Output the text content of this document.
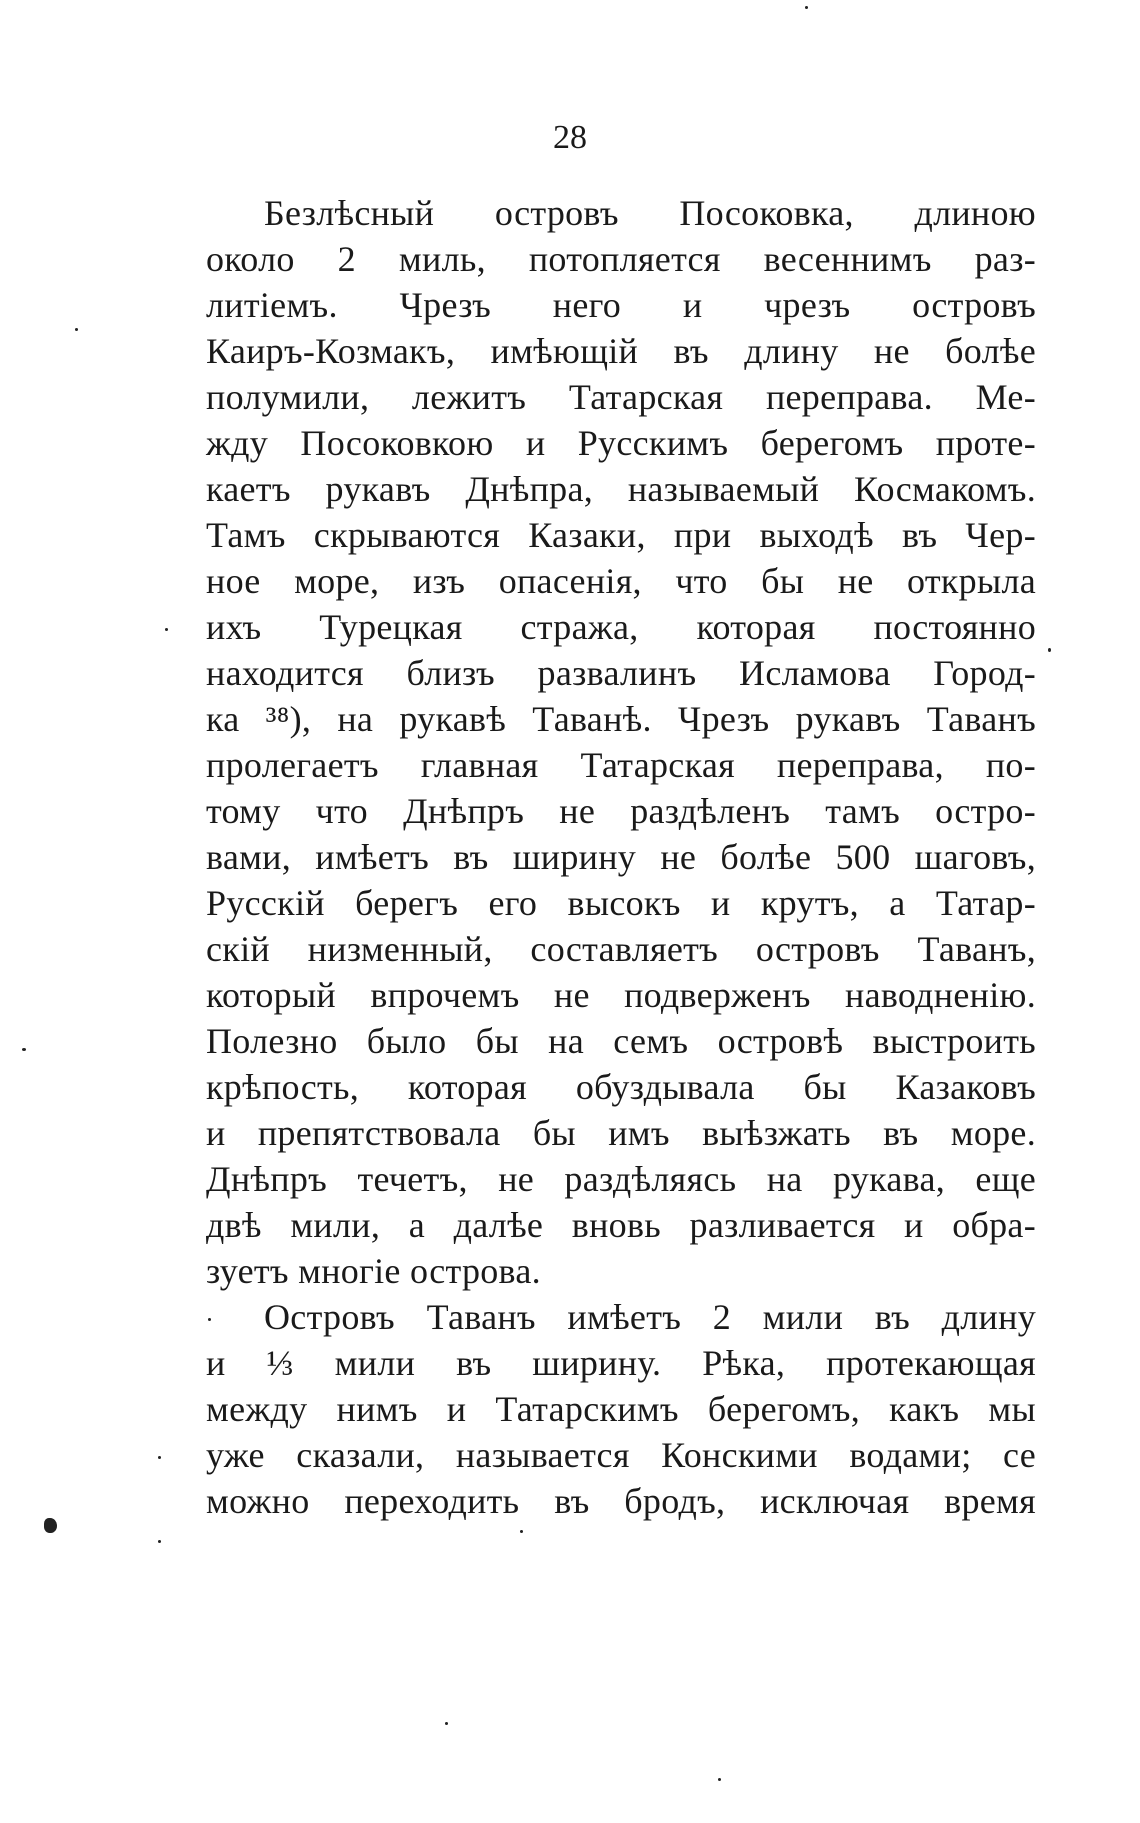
28
Безлѣсный островъ Посоковка, длиною
около 2 миль, потопляется весеннимъ раз-
литіемъ. Чрезъ него и чрезъ островъ
Каиръ-Козмакъ, имѣющій въ длину не болѣе
полумили, лежитъ Татарская переправа. Ме-
жду Посоковкою и Русскимъ берегомъ проте-
каетъ рукавъ Днѣпра, называемый Космакомъ.
Тамъ скрываются Казаки, при выходѣ въ Чер-
ное море, изъ опасенія, что бы не открыла
ихъ Турецкая стража, которая постоянно
находится близъ развалинъ Исламова Город-
ка ³⁸), на рукавѣ Таванѣ. Чрезъ рукавъ Таванъ
пролегаетъ главная Татарская переправа, по-
тому что Днѣпръ не раздѣленъ тамъ остро-
вами, имѣетъ въ ширину не болѣе 500 шаговъ,
Русскій берегъ его высокъ и крутъ, а Татар-
скій низменный, составляетъ островъ Таванъ,
который впрочемъ не подверженъ наводненію.
Полезно было бы на семъ островѣ выстроить
крѣпость, которая обуздывала бы Казаковъ
и препятствовала бы имъ выѣзжать въ море.
Днѣпръ течетъ, не раздѣляясь на рукава, еще
двѣ мили, а далѣе вновь разливается и обра-
зуетъ многіе острова.
Островъ Таванъ имѣетъ 2 мили въ длину
и ⅓ мили въ ширину. Рѣка, протекающая
между нимъ и Татарскимъ берегомъ, какъ мы
уже сказали, называется Конскими водами; се
можно переходить въ бродъ, исключая время
